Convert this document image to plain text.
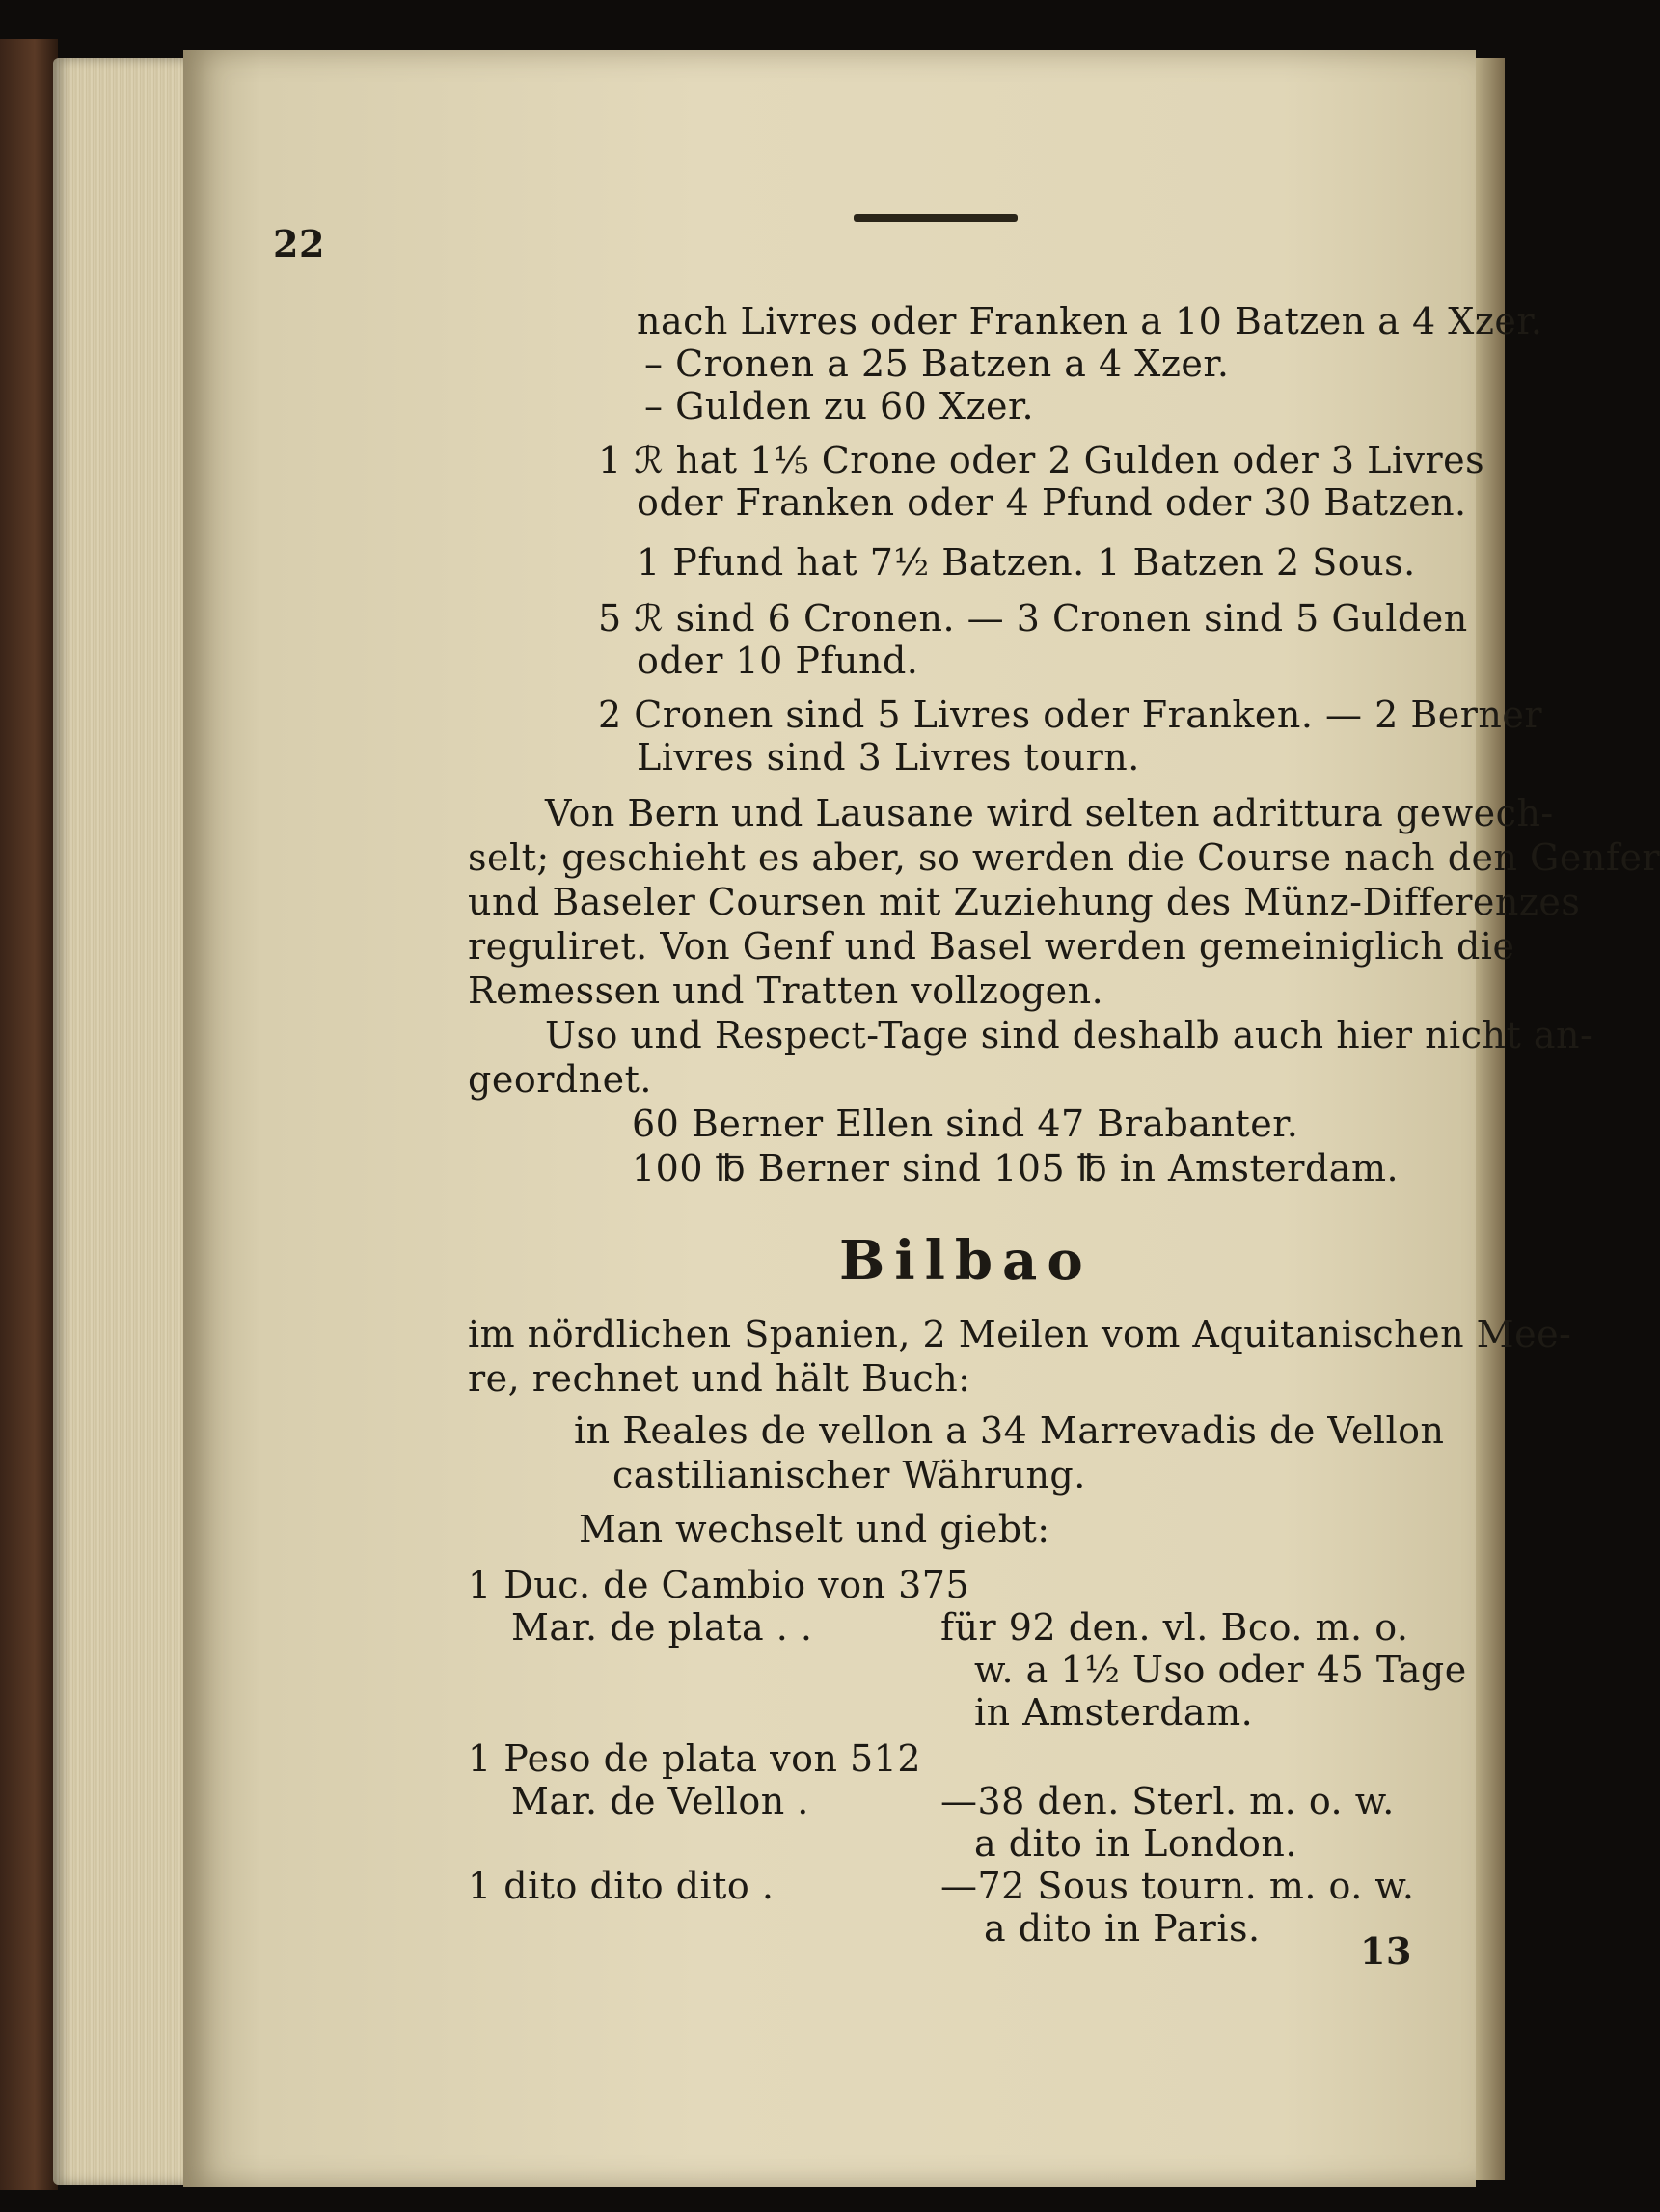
22
nach Livres oder Franken a 10 Batzen a 4 Xzer.
– Cronen a 25 Batzen a 4 Xzer.
– Gulden zu 60 Xzer.
1 ℛ hat 1⅕ Crone oder 2 Gulden oder 3 Livres
oder Franken oder 4 Pfund oder 30 Batzen.
1 Pfund hat 7½ Batzen. 1 Batzen 2 Sous.
5 ℛ sind 6 Cronen. — 3 Cronen sind 5 Gulden
oder 10 Pfund.
2 Cronen sind 5 Livres oder Franken. — 2 Berner
Livres sind 3 Livres tourn.
Von Bern und Lausane wird selten adrittura gewech-
selt; geschieht es aber, so werden die Course nach den Genfer
und Baseler Coursen mit Zuziehung des Münz-Differenzes
reguliret. Von Genf und Basel werden gemeiniglich die
Remessen und Tratten vollzogen.
Uso und Respect-Tage sind deshalb auch hier nicht an-
geordnet.
60 Berner Ellen sind 47 Brabanter.
100 ℔ Berner sind 105 ℔ in Amsterdam.
Bilbao
im nördlichen Spanien, 2 Meilen vom Aquitanischen Mee-
re, rechnet und hält Buch:
in Reales de vellon a 34 Marrevadis de Vellon
castilianischer Währung.
Man wechselt und giebt:
1 Duc. de Cambio von 375
Mar. de plata . .	für 92 den. vl. Bco. m. o.
w. a 1½ Uso oder 45 Tage
in Amsterdam.
1 Peso de plata von 512
Mar. de Vellon .	—38 den. Sterl. m. o. w.
a dito in London.
1 dito dito dito .	—72 Sous tourn. m. o. w.
a dito in Paris.
13
